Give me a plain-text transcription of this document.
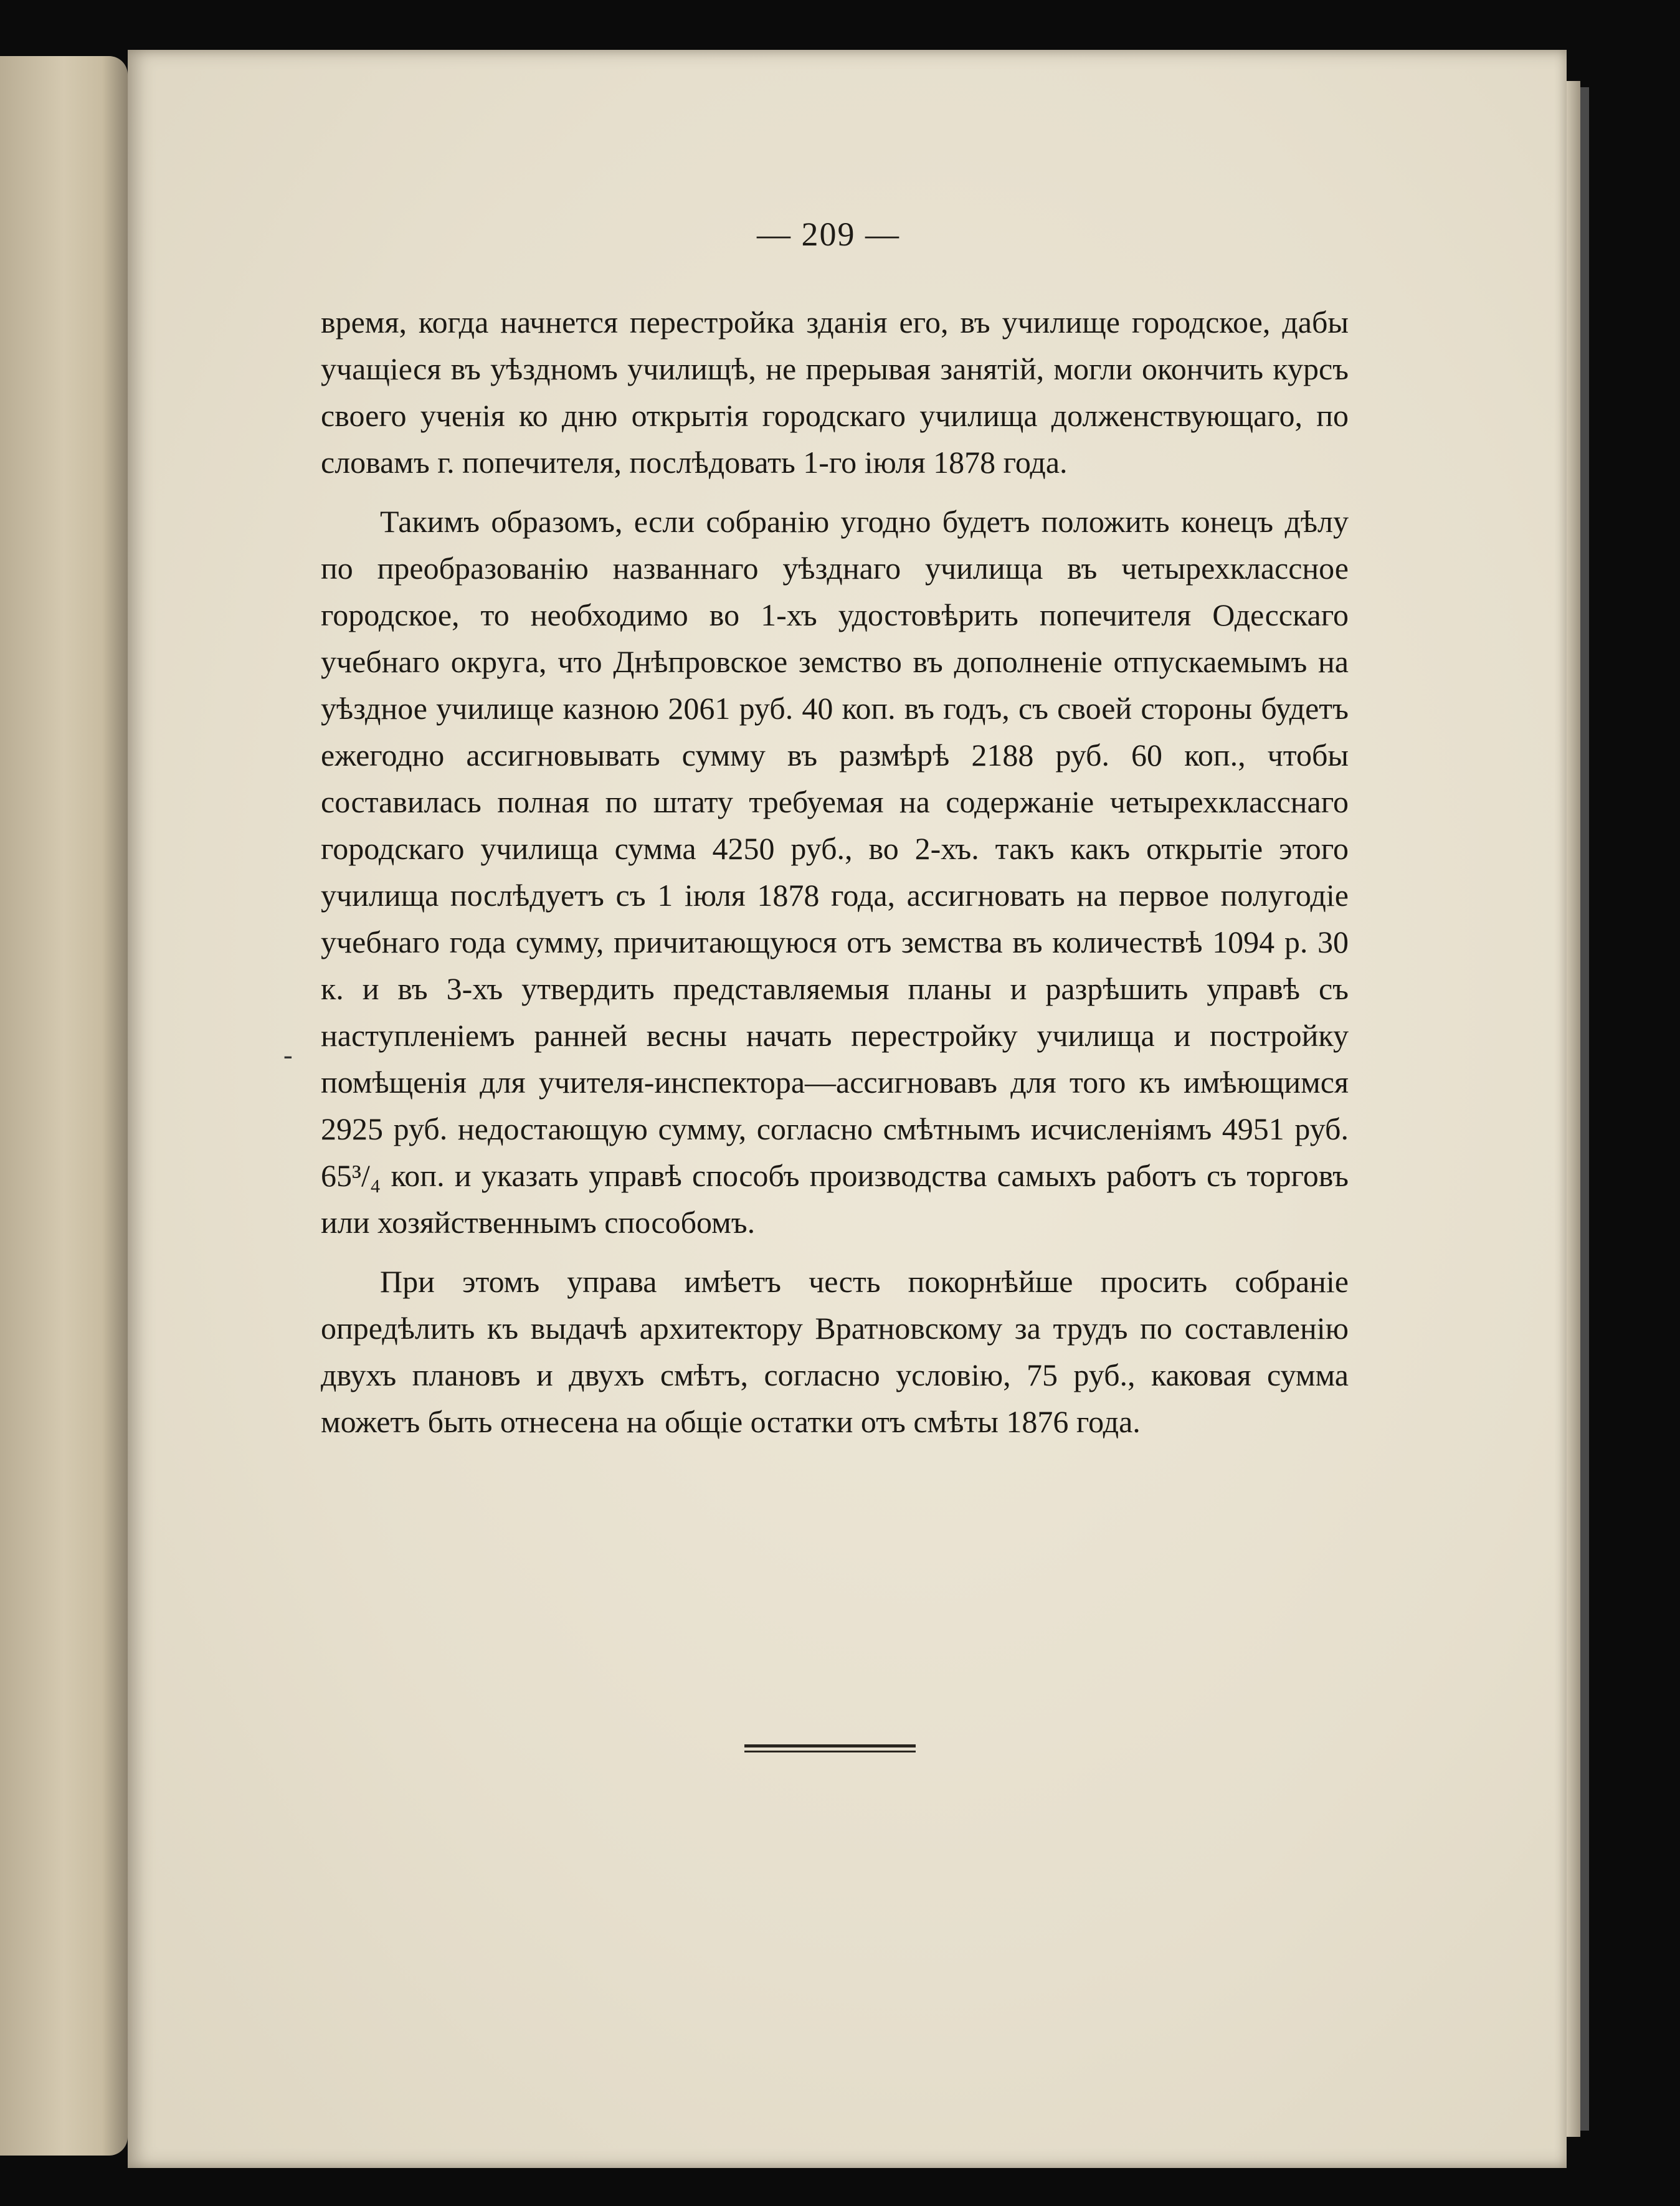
— 209 —
-

время, когда начнется перестройка зданія его, въ училище городское, дабы учащіеся въ уѣздномъ училищѣ, не прерывая занятій, могли окончить курсъ своего ученія ко дню открытія городскаго училища долженствующаго, по словамъ г. попечителя, послѣдовать 1-го іюля 1878 года.

Такимъ образомъ, если собранію угодно будетъ положить конецъ дѣлу по преобразованію названнаго уѣзднаго училища въ четырехклассное городское, то необходимо во 1-хъ удостовѣрить попечителя Одесскаго учебнаго округа, что Днѣпровское земство въ дополненіе отпускаемымъ на уѣздное училище казною 2061 руб. 40 коп. въ годъ, съ своей стороны будетъ ежегодно ассигновывать сумму въ размѣрѣ 2188 руб. 60 коп., чтобы составилась полная по штату требуемая на содержаніе четырехкласснаго городскаго училища сумма 4250 руб., во 2-хъ. такъ какъ открытіе этого училища послѣдуетъ съ 1 іюля 1878 года, ассигновать на первое полугодіе учебнаго года сумму, причитающуюся отъ земства въ количествѣ 1094 р. 30 к. и въ 3-хъ утвердить представляемыя планы и разрѣшить управѣ съ наступленіемъ ранней весны начать перестройку училища и постройку помѣщенія для учителя-инспектора—ассигновавъ для того къ имѣющимся 2925 руб. недостающую сумму, согласно смѣтнымъ исчисленіямъ 4951 руб. 65³/₄ коп. и указать управѣ способъ производства самыхъ работъ съ торговъ или хозяйственнымъ способомъ.

При этомъ управа имѣетъ честь покорнѣйше просить собраніе опредѣлить къ выдачѣ архитектору Вратновскому за трудъ по составленію двухъ плановъ и двухъ смѣтъ, согласно условію, 75 руб., каковая сумма можетъ быть отнесена на общіе остатки отъ смѣты 1876 года.
